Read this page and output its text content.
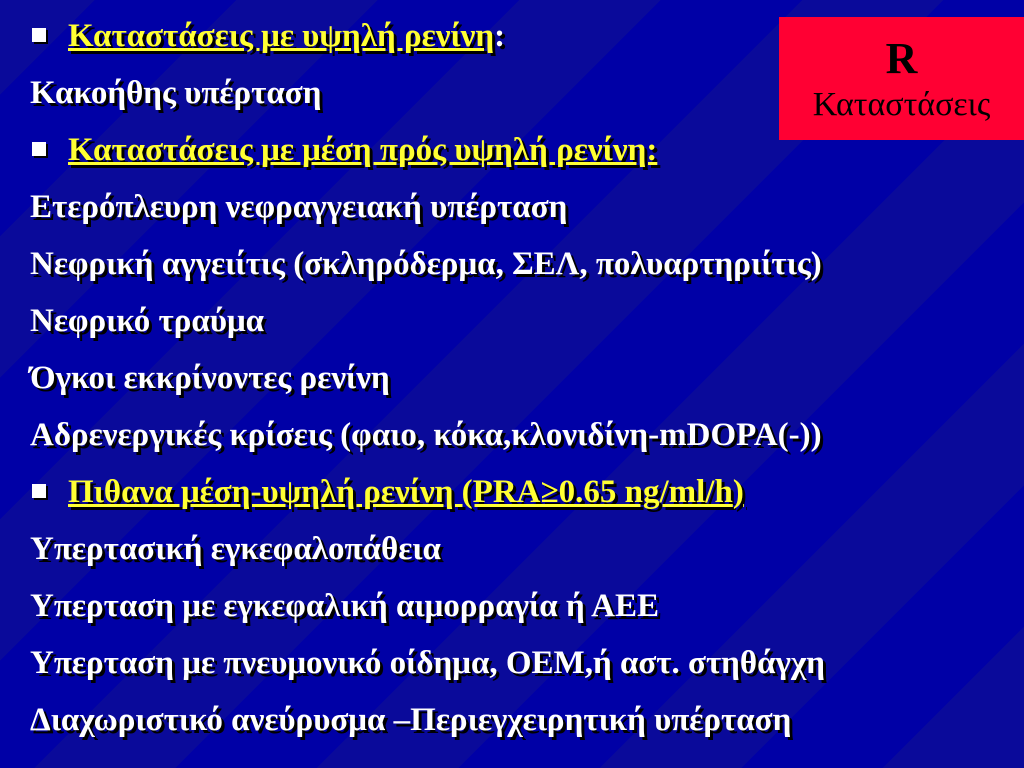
R
Καταστάσεις
Καταστάσεις με υψηλή ρενίνη:
Κακοήθης υπέρταση
Καταστάσεις με μέση πρός υψηλή ρενίνη:
Ετερόπλευρη νεφραγγειακή υπέρταση
Νεφρική αγγειίτις (σκληρόδερμα, ΣΕΛ, πολυαρτηριίτις)
Νεφρικό τραύμα
Όγκοι εκκρίνοντες ρενίνη
Αδρενεργικές κρίσεις (φαιο, κόκα,κλονιδίνη-mDOPA(-))
Πιθανα μέση-υψηλή ρενίνη (PRA≥0.65 ng/ml/h)
Υπερτασική εγκεφαλοπάθεια
Υπερταση με εγκεφαλική αιμορραγία ή ΑΕΕ
Υπερταση με πνευμονικό οίδημα, ΟΕΜ,ή αστ. στηθάγχη
Διαχωριστικό ανεύρυσμα –Περιεγχειρητική υπέρταση
